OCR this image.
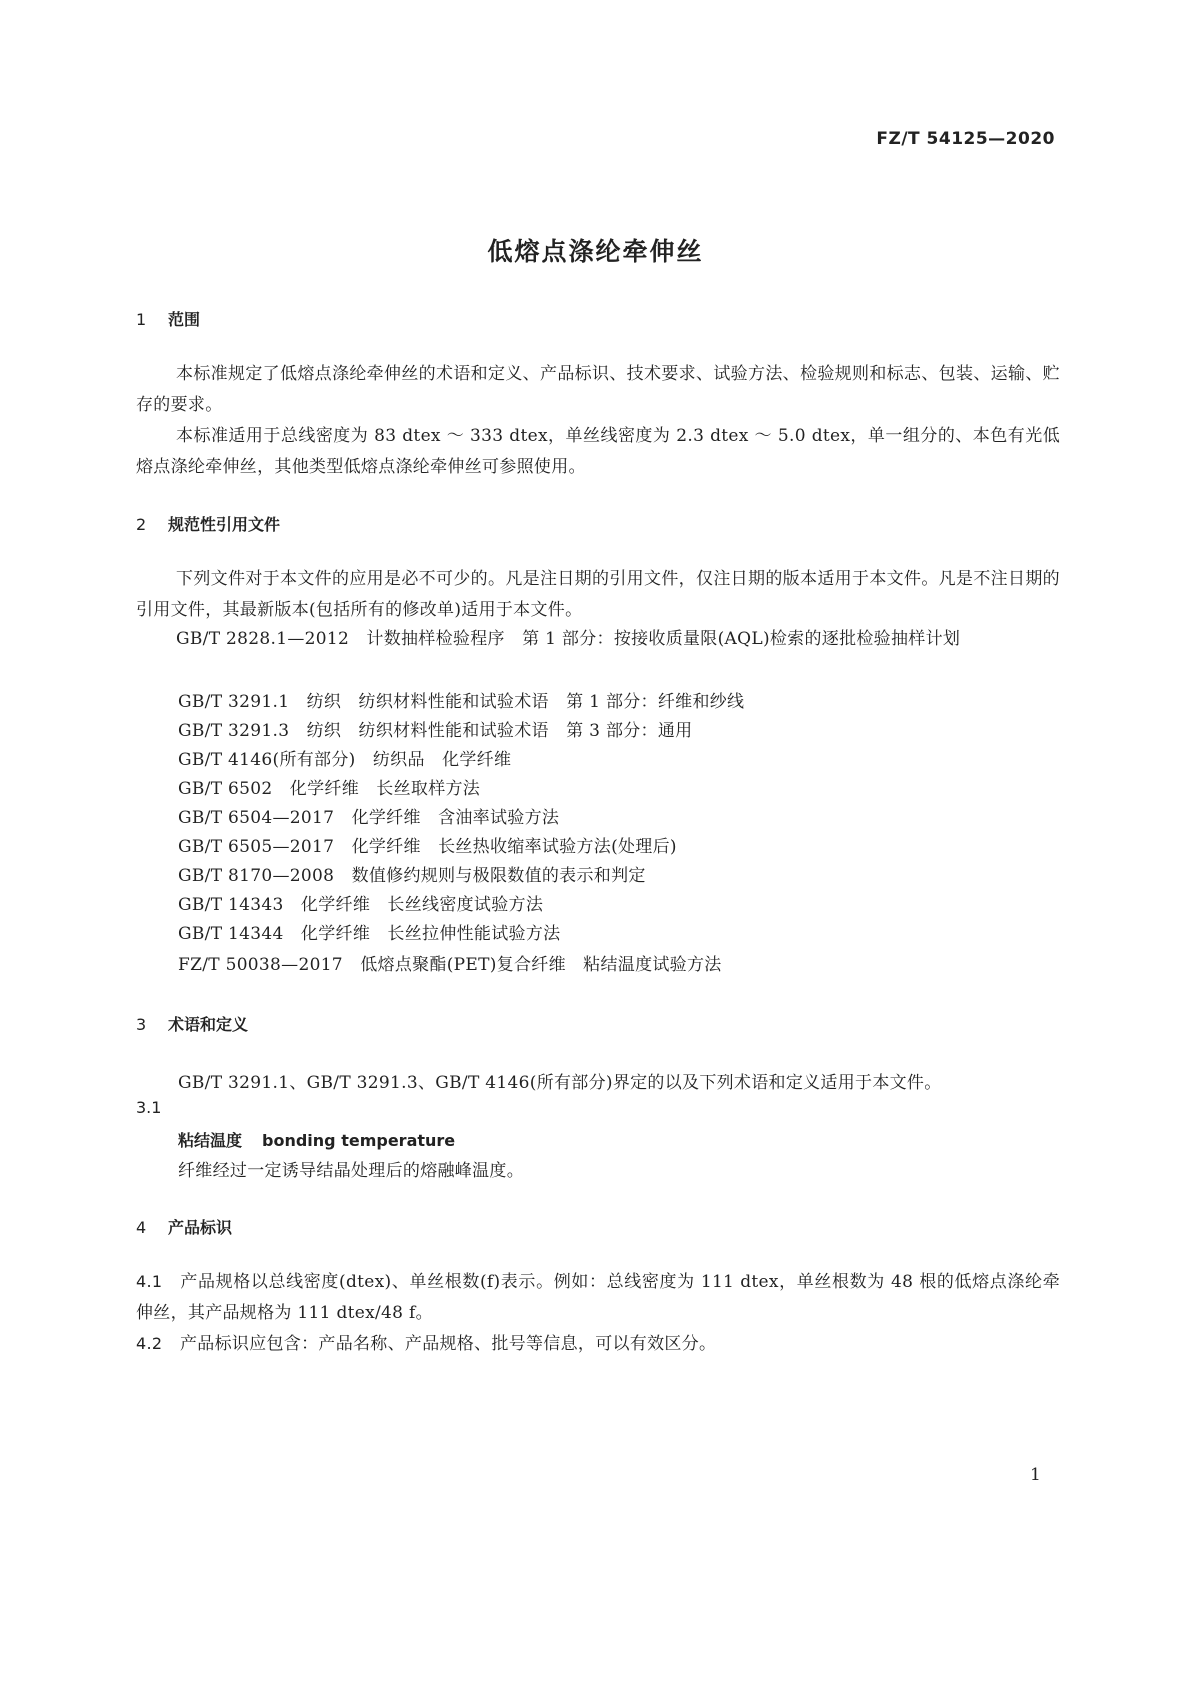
FZ/T 54125—2020
低熔点涤纶牵伸丝
1 范围
本标准规定了低熔点涤纶牵伸丝的术语和定义、产品标识、技术要求、试验方法、检验规则和标志、包装、运输、贮存的要求。
本标准适用于总线密度为 83 dtex ～ 333 dtex，单丝线密度为 2.3 dtex ～ 5.0 dtex，单一组分的、本色有光低熔点涤纶牵伸丝，其他类型低熔点涤纶牵伸丝可参照使用。
2 规范性引用文件
下列文件对于本文件的应用是必不可少的。凡是注日期的引用文件，仅注日期的版本适用于本文件。凡是不注日期的引用文件，其最新版本(包括所有的修改单)适用于本文件。
GB/T 2828.1—2012　计数抽样检验程序　第 1 部分：按接收质量限(AQL)检索的逐批检验抽样计划
GB/T 3291.1　纺织　纺织材料性能和试验术语　第 1 部分：纤维和纱线
GB/T 3291.3　纺织　纺织材料性能和试验术语　第 3 部分：通用
GB/T 4146(所有部分)　纺织品　化学纤维
GB/T 6502　化学纤维　长丝取样方法
GB/T 6504—2017　化学纤维　含油率试验方法
GB/T 6505—2017　化学纤维　长丝热收缩率试验方法(处理后)
GB/T 8170—2008　数值修约规则与极限数值的表示和判定
GB/T 14343　化学纤维　长丝线密度试验方法
GB/T 14344　化学纤维　长丝拉伸性能试验方法
FZ/T 50038—2017　低熔点聚酯(PET)复合纤维　粘结温度试验方法
3 术语和定义
GB/T 3291.1、GB/T 3291.3、GB/T 4146(所有部分)界定的以及下列术语和定义适用于本文件。
3.1
粘结温度 bonding temperature
纤维经过一定诱导结晶处理后的熔融峰温度。
4 产品标识
4.1 产品规格以总线密度(dtex)、单丝根数(f)表示。例如：总线密度为 111 dtex，单丝根数为 48 根的低熔点涤纶牵伸丝，其产品规格为 111 dtex/48 f。
4.2 产品标识应包含：产品名称、产品规格、批号等信息，可以有效区分。
1
